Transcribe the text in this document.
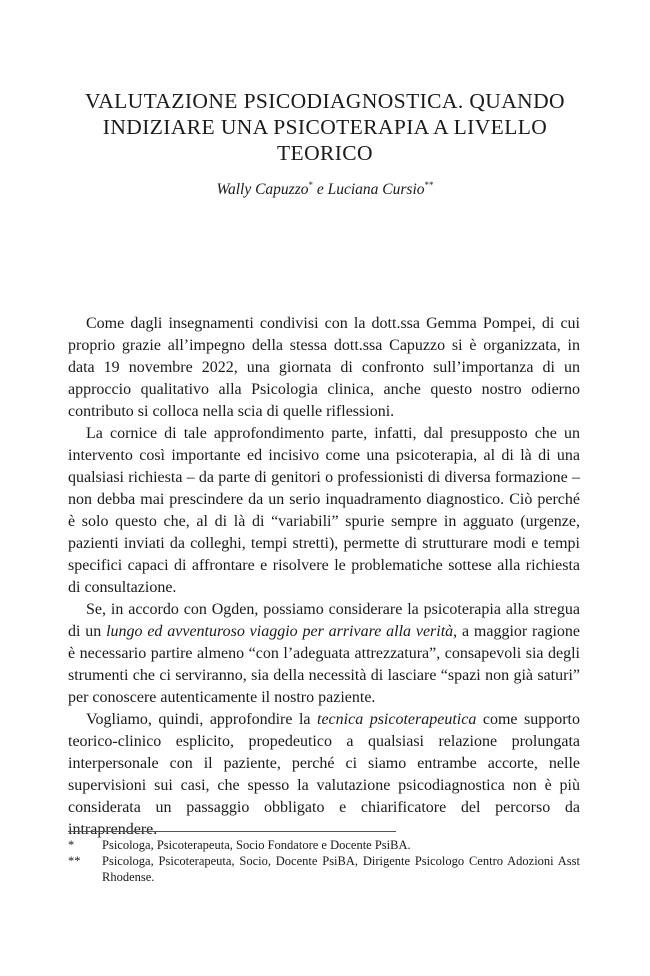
VALUTAZIONE PSICODIAGNOSTICA. QUANDO
INDIZIARE UNA PSICOTERAPIA A LIVELLO
TEORICO
Wally Capuzzo* e Luciana Cursio**

Come dagli insegnamenti condivisi con la dott.ssa Gemma Pompei, di cui proprio grazie all’impegno della stessa dott.ssa Capuzzo si è organizzata, in data 19 novembre 2022, una giornata di confronto sull’importanza di un approccio qualitativo alla Psicologia clinica, anche questo nostro odierno contributo si colloca nella scia di quelle riflessioni.

La cornice di tale approfondimento parte, infatti, dal presupposto che un intervento così importante ed incisivo come una psicoterapia, al di là di una qualsiasi richiesta – da parte di genitori o professionisti di diversa formazione – non debba mai prescindere da un serio inquadramento diagnostico. Ciò perché è solo questo che, al di là di “variabili” spurie sempre in agguato (urgenze, pazienti inviati da colleghi, tempi stretti), permette di strutturare modi e tempi specifici capaci di affrontare e risolvere le problematiche sottese alla richiesta di consultazione.

Se, in accordo con Ogden, possiamo considerare la psicoterapia alla stregua di un lungo ed avventuroso viaggio per arrivare alla verità, a maggior ragione è necessario partire almeno “con l’adeguata attrezzatura”, consapevoli sia degli strumenti che ci serviranno, sia della necessità di lasciare “spazi non già saturi” per conoscere autenticamente il nostro paziente.

Vogliamo, quindi, approfondire la tecnica psicoterapeutica come supporto teorico-clinico esplicito, propedeutico a qualsiasi relazione prolungata interpersonale con il paziente, perché ci siamo entrambe accorte, nelle supervisioni sui casi, che spesso la valutazione psicodiagnostica non è più considerata un passaggio obbligato e chiarificatore del percorso da intraprendere.

*	Psicologa, Psicoterapeuta, Socio Fondatore e Docente PsiBA.
**	Psicologa, Psicoterapeuta, Socio, Docente PsiBA, Dirigente Psicologo Centro Adozioni Asst Rhodense.
